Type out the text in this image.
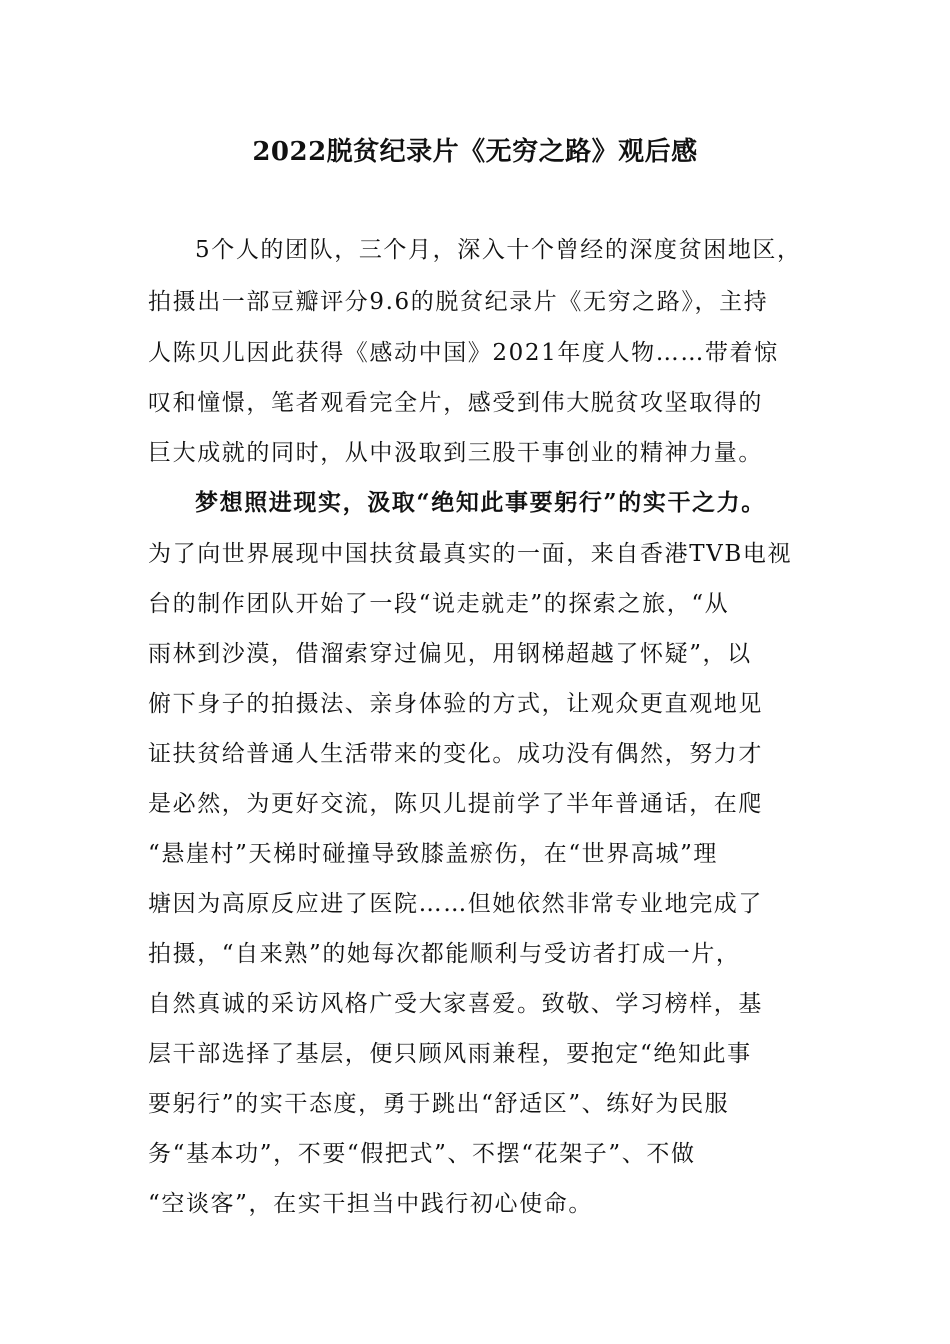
2022脱贫纪录片《无穷之路》观后感
5个人的团队，三个月，深入十个曾经的深度贫困地区，
拍摄出一部豆瓣评分9.6的脱贫纪录片《无穷之路》，主持
人陈贝儿因此获得《感动中国》2021年度人物……带着惊
叹和憧憬，笔者观看完全片，感受到伟大脱贫攻坚取得的
巨大成就的同时，从中汲取到三股干事创业的精神力量。
梦想照进现实，汲取“绝知此事要躬行”的实干之力。
为了向世界展现中国扶贫最真实的一面，来自香港TVB电视
台的制作团队开始了一段“说走就走”的探索之旅，“从
雨林到沙漠，借溜索穿过偏见，用钢梯超越了怀疑”，以
俯下身子的拍摄法、亲身体验的方式，让观众更直观地见
证扶贫给普通人生活带来的变化。成功没有偶然，努力才
是必然，为更好交流，陈贝儿提前学了半年普通话，在爬
“悬崖村”天梯时碰撞导致膝盖瘀伤，在“世界高城”理
塘因为高原反应进了医院……但她依然非常专业地完成了
拍摄，“自来熟”的她每次都能顺利与受访者打成一片，
自然真诚的采访风格广受大家喜爱。致敬、学习榜样，基
层干部选择了基层，便只顾风雨兼程，要抱定“绝知此事
要躬行”的实干态度，勇于跳出“舒适区”、练好为民服
务“基本功”，不要“假把式”、不摆“花架子”、不做
“空谈客”，在实干担当中践行初心使命。
